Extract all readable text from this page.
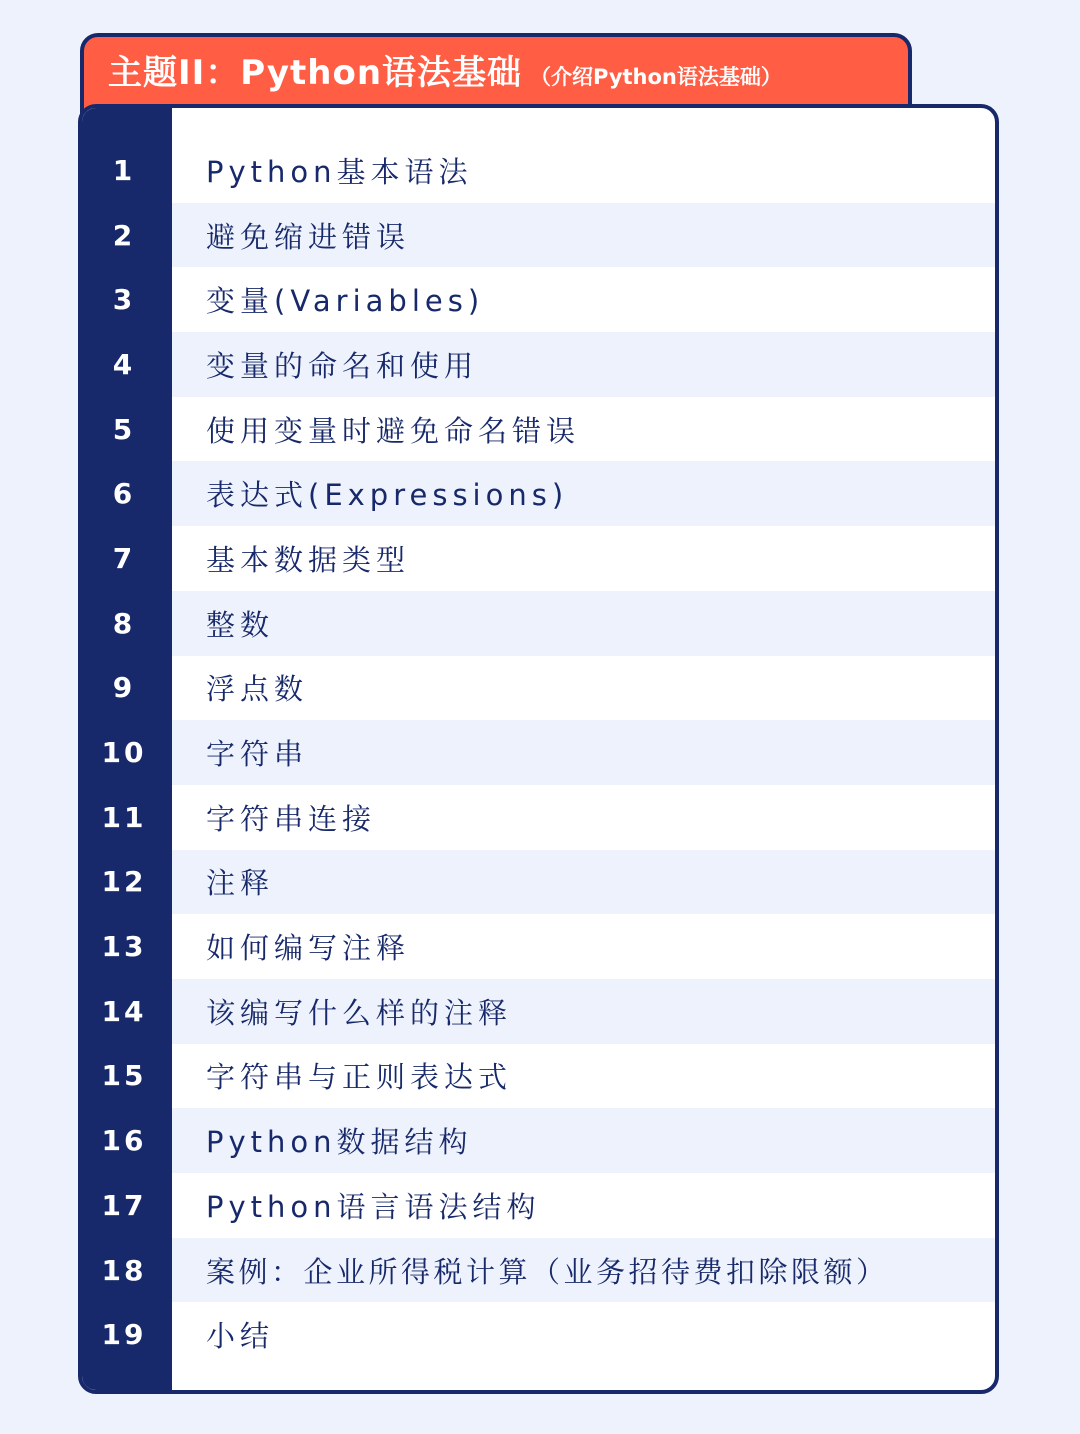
主题II：Python语法基础 （介绍Python语法基础）
1	Python基本语法
2	避免缩进错误
3	变量(Variables)
4	变量的命名和使用
5	使用变量时避免命名错误
6	表达式(Expressions)
7	基本数据类型
8	整数
9	浮点数
10	字符串
11	字符串连接
12	注释
13	如何编写注释
14	该编写什么样的注释
15	字符串与正则表达式
16	Python数据结构
17	Python语言语法结构
18	案例：企业所得税计算（业务招待费扣除限额）
19	小结
